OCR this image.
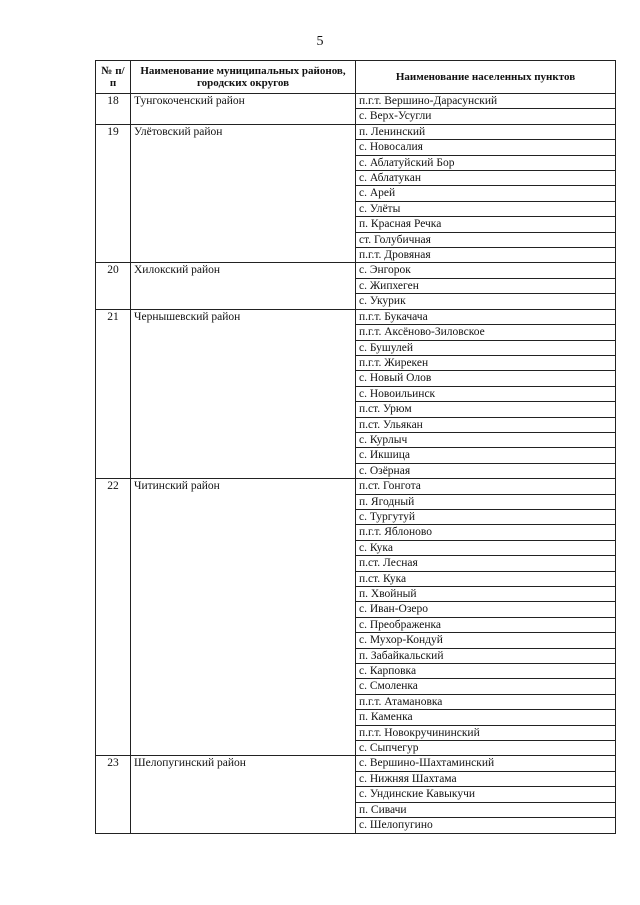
5
№ п/п	Наименование муниципальных районов, городских округов	Наименование населенных пунктов
18	Тунгокоченский район	п.г.т. Вершино-Дарасунский
		с. Верх-Усугли
19	Улётовский район	п. Ленинский
		с. Новосалия
		с. Аблатуйский Бор
		с. Аблатукан
		с. Арей
		с. Улёты
		п. Красная Речка
		ст. Голубичная
		п.г.т. Дровяная
20	Хилокский район	с. Энгорок
		с. Жипхеген
		с. Укурик
21	Чернышевский район	п.г.т. Букачача
		п.г.т. Аксёново-Зиловское
		с. Бушулей
		п.г.т. Жирекен
		с. Новый Олов
		с. Новоильинск
		п.ст. Урюм
		п.ст. Ульякан
		с. Курлыч
		с. Икшица
		с. Озёрная
22	Читинский район	п.ст. Гонгота
		п. Ягодный
		с. Тургутуй
		п.г.т. Яблоново
		с. Кука
		п.ст. Лесная
		п.ст. Кука
		п. Хвойный
		с. Иван-Озеро
		с. Преображенка
		с. Мухор-Кондуй
		п. Забайкальский
		с. Карповка
		с. Смоленка
		п.г.т. Атамановка
		п. Каменка
		п.г.т. Новокручининский
		с. Сыпчегур
23	Шелопугинский район	с. Вершино-Шахтаминский
		с. Нижняя Шахтама
		с. Ундинские Кавыкучи
		п. Сивачи
		с. Шелопугино
